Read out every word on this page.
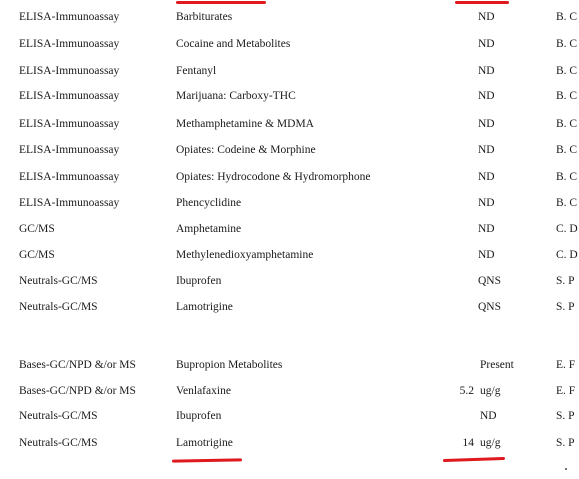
ELISA-Immunoassay	Barbiturates	ND	B. C
ELISA-Immunoassay	Cocaine and Metabolites	ND	B. C
ELISA-Immunoassay	Fentanyl	ND	B. C
ELISA-Immunoassay	Marijuana: Carboxy-THC	ND	B. C
ELISA-Immunoassay	Methamphetamine & MDMA	ND	B. C
ELISA-Immunoassay	Opiates: Codeine & Morphine	ND	B. C
ELISA-Immunoassay	Opiates: Hydrocodone & Hydromorphone	ND	B. C
ELISA-Immunoassay	Phencyclidine	ND	B. C
GC/MS	Amphetamine	ND	C. D
GC/MS	Methylenedioxyamphetamine	ND	C. D
Neutrals-GC/MS	Ibuprofen	QNS	S. P
Neutrals-GC/MS	Lamotrigine	QNS	S. P
Bases-GC/NPD &/or MS	Bupropion Metabolites	Present	E. F
Bases-GC/NPD &/or MS	Venlafaxine	5.2 ug/g	E. F
Neutrals-GC/MS	Ibuprofen	ND	S. P
Neutrals-GC/MS	Lamotrigine	14 ug/g	S. P
